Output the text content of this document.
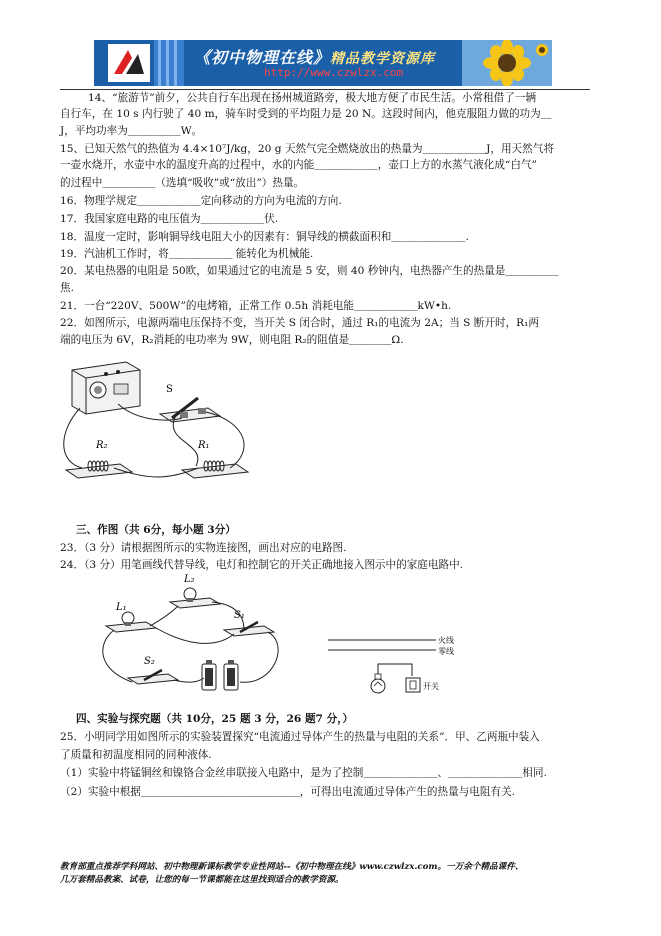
《初中物理在线》精品教学资源库
http://www.czwlzx.com
14、“旅游节”前夕，公共自行车出现在扬州城道路旁，极大地方便了市民生活。小常租借了一辆
自行车，在 10 s 内行驶了 40 m，骑车时受到的平均阻力是 20 N。这段时间内，他克服阻力做的功为＿
J，平均功率为＿＿＿＿＿W。
15、已知天然气的热值为 4.4×10⁷J/kg，20 g 天然气完全燃烧放出的热量为＿＿＿＿＿＿J，用天然气将
一壶水烧开，水壶中水的温度升高的过程中，水的内能＿＿＿＿＿＿，壶口上方的水蒸气液化成“白气”
的过程中＿＿＿＿＿（选填“吸收”或“放出”）热量。
16．物理学规定＿＿＿＿＿＿定向移动的方向为电流的方向.
17．我国家庭电路的电压值为＿＿＿＿＿＿伏.
18．温度一定时，影响铜导线电阻大小的因素有：铜导线的横截面积和＿＿＿＿＿＿＿.
19．汽油机工作时，将＿＿＿＿＿＿ 能转化为机械能.
20．某电热器的电阻是 50欧，如果通过它的电流是 5 安，则 40 秒钟内，电热器产生的热量是＿＿＿＿＿
焦.
21．一台“220V、500W”的电烤箱，正常工作 0.5h 消耗电能＿＿＿＿＿＿kW•h.
22．如图所示，电源两端电压保持不变，当开关 S 闭合时，通过 R₁的电流为 2A；当 S 断开时，R₁两
端的电压为 6V，R₂消耗的电功率为 9W，则电阻 R₂的阻值是＿＿＿＿Ω.
S
R₂	R₁
三、作图（共 6分，每小题 3分）
23．（3 分）请根据图所示的实物连接图，画出对应的电路图.
24．（3 分）用笔画线代替导线，电灯和控制它的开关正确地接入图示中的家庭电路中.
L₂
L₁
S₁
S₂
火线
零线
开关
四、实验与探究题（共 10分，25 题 3 分，26 题7 分，）
25．小明同学用如图所示的实验装置探究“电流通过导体产生的热量与电阻的关系”．甲、乙两瓶中装入
了质量和初温度相同的同种液体.
（1）实验中将锰铜丝和镍铬合金丝串联接入电路中，是为了控制＿＿＿＿＿＿＿、＿＿＿＿＿＿＿相同.
（2）实验中根据＿＿＿＿＿＿＿＿＿＿＿＿＿＿＿，可得出电流通过导体产生的热量与电阻有关.
教育部重点推荐学科网站、初中物理新课标教学专业性网站--《初中物理在线》www.czwlzx.com。一万余个精品课件、
几万套精品教案、试卷，让您的每一节课都能在这里找到适合的教学资源。
